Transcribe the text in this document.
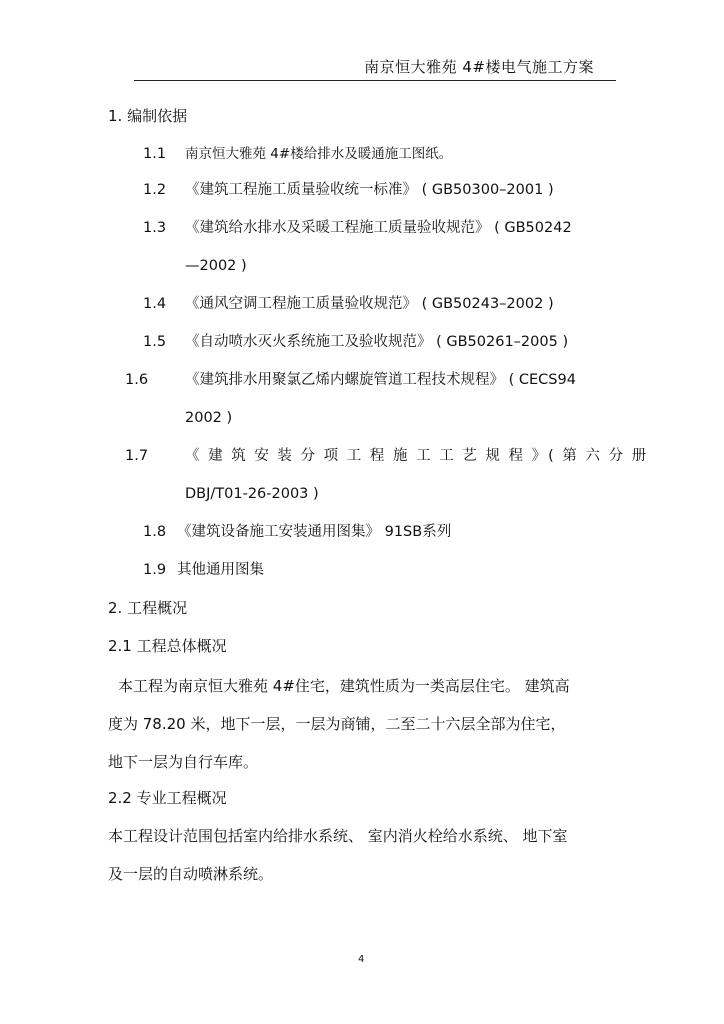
南京恒大雅苑 4#楼电气施工方案
1. 编制依据
1.1 南京恒大雅苑 4#楼给排水及暖通施工图纸。
1.2 《建筑工程施工质量验收统一标准》 ( GB50300–2001 )
1.3 《建筑给水排水及采暖工程施工质量验收规范》 ( GB50242
—2002 )
1.4 《通风空调工程施工质量验收规范》 ( GB50243–2002 )
1.5 《自动喷水灭火系统施工及验收规范》 ( GB50261–2005 )
1.6	《建筑排水用聚氯乙烯内螺旋管道工程技术规程》 ( CECS94
2002 )
1.7	《 建 筑 安 装 分 项 工 程 施 工 工 艺 规 程 》( 第 六 分 册
DBJ/T01-26-2003 )
1.8 《建筑设备施工安装通用图集》 91SB系列
1.9 其他通用图集
2. 工程概况
2.1 工程总体概况
本工程为南京恒大雅苑 4#住宅，建筑性质为一类高层住宅。 建筑高
度为 78.20 米，地下一层，一层为商铺，二至二十六层全部为住宅，
地下一层为自行车库。
2.2 专业工程概况
本工程设计范围包括室内给排水系统、 室内消火栓给水系统、 地下室
及一层的自动喷淋系统。
4
